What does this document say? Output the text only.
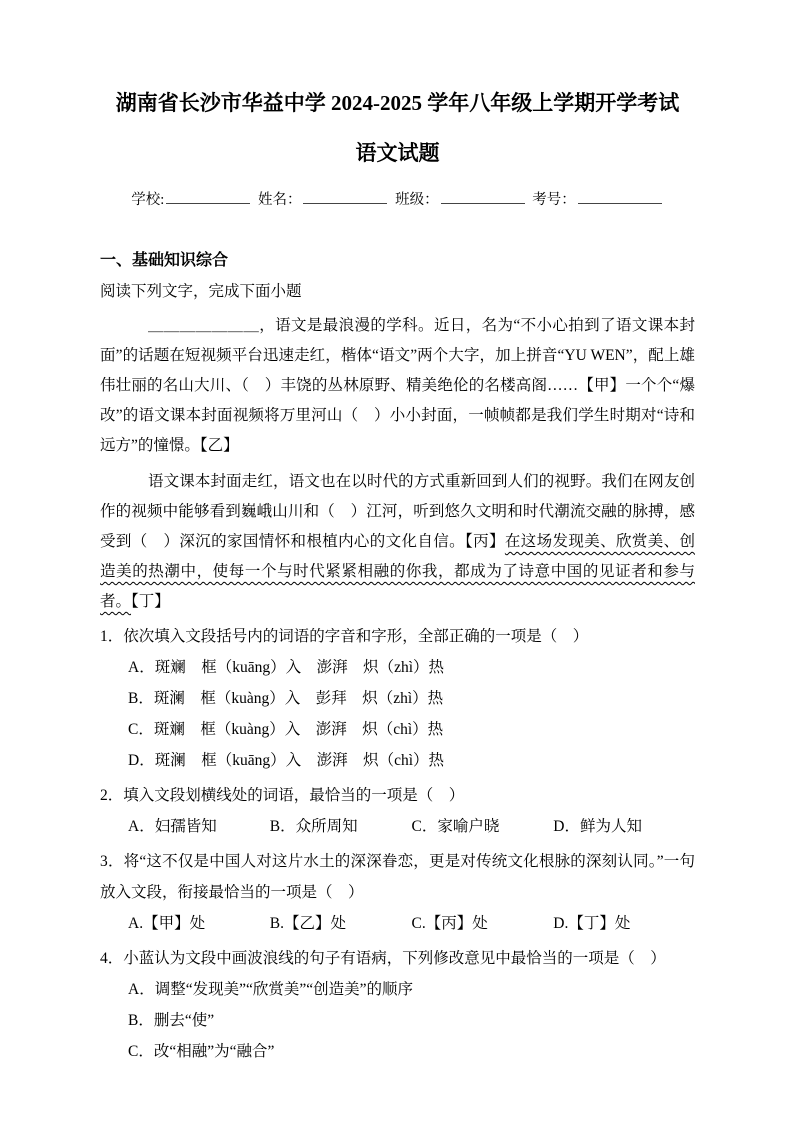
湖南省长沙市华益中学 2024-2025 学年八年级上学期开学考试
语文试题
学校:	姓名：	班级：	考号：
一、基础知识综合
阅读下列文字，完成下面小题

＿＿＿＿＿＿＿，语文是最浪漫的学科。近日，名为“不小心拍到了语文课本封面”的话题在短视频平台迅速走红，楷体“语文”两个大字，加上拼音“YU WEN”，配上雄伟壮丽的名山大川、（　）丰饶的丛林原野、精美绝伦的名楼高阁……【甲】一个个“爆改”的语文课本封面视频将万里河山（　）小小封面，一帧帧都是我们学生时期对“诗和远方”的憧憬。【乙】

语文课本封面走红，语文也在以时代的方式重新回到人们的视野。我们在网友创作的视频中能够看到巍峨山川和（　）江河，听到悠久文明和时代潮流交融的脉搏，感受到（　）深沉的家国情怀和根植内心的文化自信。【丙】在这场发现美、欣赏美、创造美的热潮中，使每一个与时代紧紧相融的你我，都成为了诗意中国的见证者和参与者。【丁】

1．依次填入文段括号内的词语的字音和字形，全部正确的一项是（　）

A．斑斓　框（kuāng）入　澎湃　炽（zhì）热

B．斑澜　框（kuàng）入　彭拜　炽（zhì）热

C．斑斓　框（kuàng）入　澎湃　炽（chì）热

D．斑澜　框（kuāng）入　澎湃　炽（chì）热

2．填入文段划横线处的词语，最恰当的一项是（　）

A．妇孺皆知	B．众所周知	C．家喻户晓	D．鲜为人知

3．将“这不仅是中国人对这片水土的深深眷恋，更是对传统文化根脉的深刻认同。”一句放入文段，衔接最恰当的一项是（　）

A.【甲】处	B.【乙】处	C.【丙】处	D.【丁】处

4．小蓝认为文段中画波浪线的句子有语病，下列修改意见中最恰当的一项是（　）

A．调整“发现美”“欣赏美”“创造美”的顺序

B．删去“使”

C．改“相融”为“融合”
